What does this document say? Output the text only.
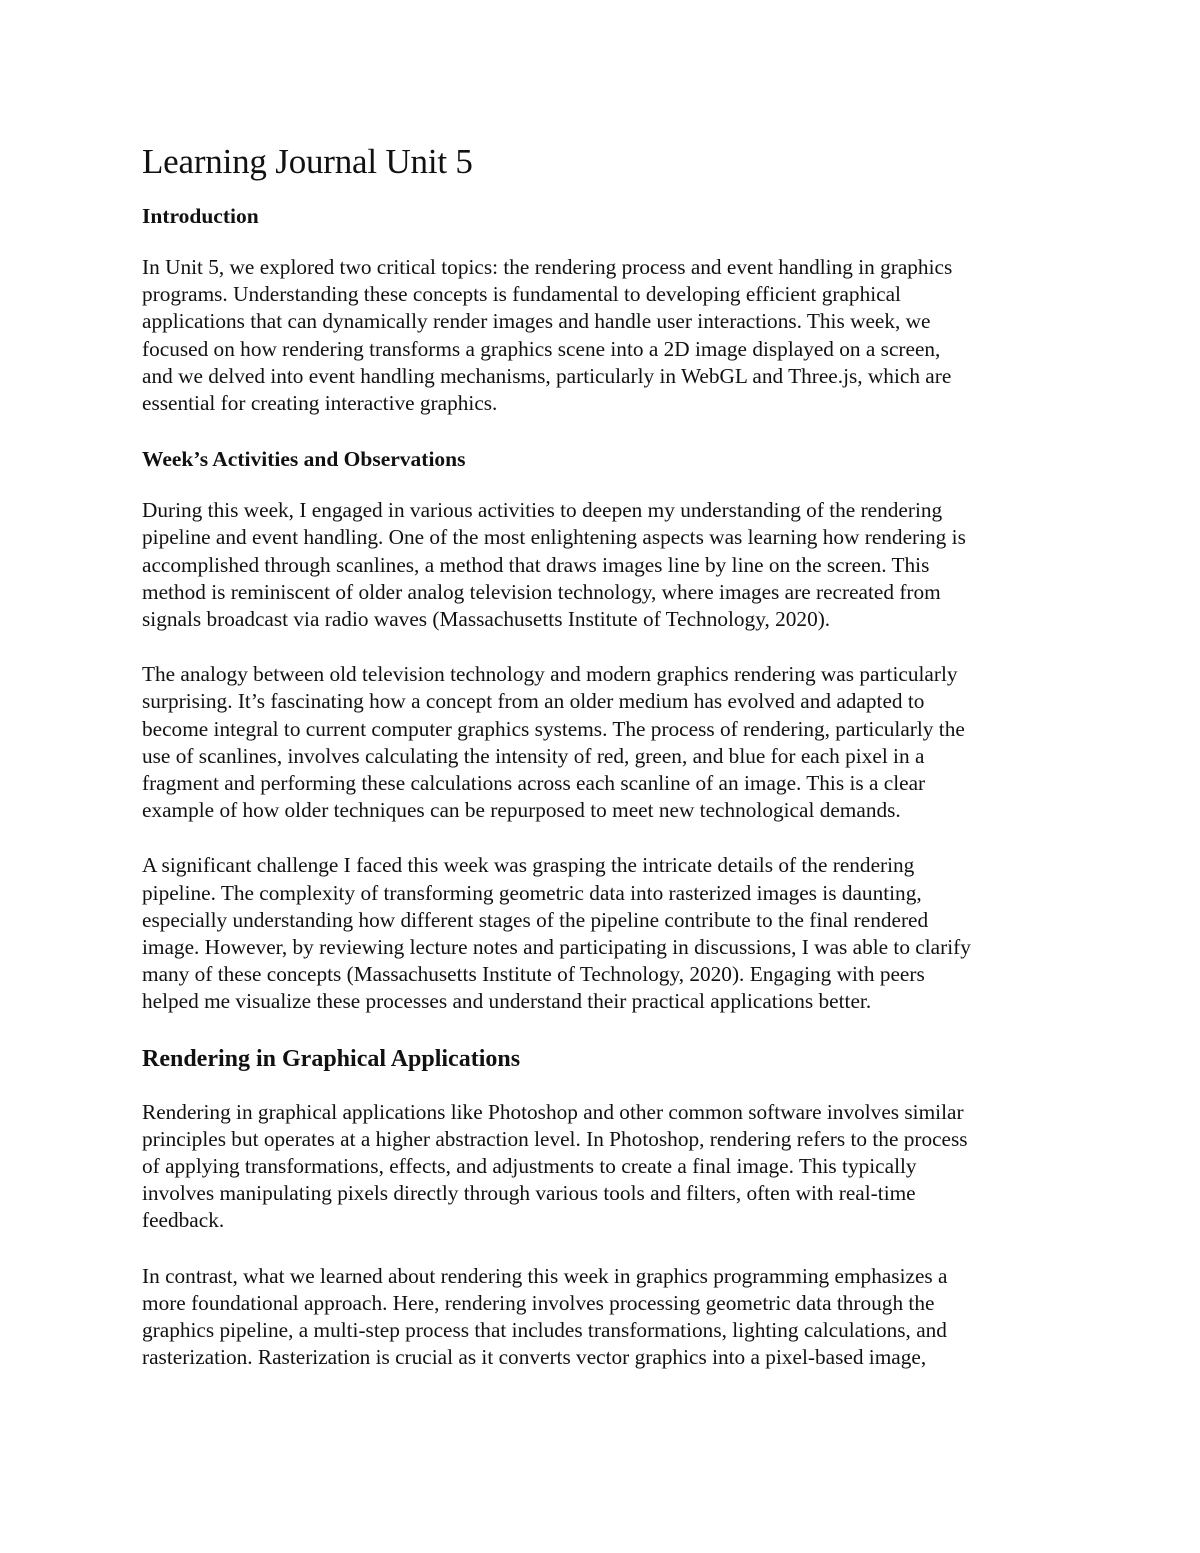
Learning Journal Unit 5
Introduction

In Unit 5, we explored two critical topics: the rendering process and event handling in graphics
programs. Understanding these concepts is fundamental to developing efficient graphical
applications that can dynamically render images and handle user interactions. This week, we
focused on how rendering transforms a graphics scene into a 2D image displayed on a screen,
and we delved into event handling mechanisms, particularly in WebGL and Three.js, which are
essential for creating interactive graphics.

Week’s Activities and Observations

During this week, I engaged in various activities to deepen my understanding of the rendering
pipeline and event handling. One of the most enlightening aspects was learning how rendering is
accomplished through scanlines, a method that draws images line by line on the screen. This
method is reminiscent of older analog television technology, where images are recreated from
signals broadcast via radio waves (Massachusetts Institute of Technology, 2020).

The analogy between old television technology and modern graphics rendering was particularly
surprising. It’s fascinating how a concept from an older medium has evolved and adapted to
become integral to current computer graphics systems. The process of rendering, particularly the
use of scanlines, involves calculating the intensity of red, green, and blue for each pixel in a
fragment and performing these calculations across each scanline of an image. This is a clear
example of how older techniques can be repurposed to meet new technological demands.

A significant challenge I faced this week was grasping the intricate details of the rendering
pipeline. The complexity of transforming geometric data into rasterized images is daunting,
especially understanding how different stages of the pipeline contribute to the final rendered
image. However, by reviewing lecture notes and participating in discussions, I was able to clarify
many of these concepts (Massachusetts Institute of Technology, 2020). Engaging with peers
helped me visualize these processes and understand their practical applications better.

Rendering in Graphical Applications

Rendering in graphical applications like Photoshop and other common software involves similar
principles but operates at a higher abstraction level. In Photoshop, rendering refers to the process
of applying transformations, effects, and adjustments to create a final image. This typically
involves manipulating pixels directly through various tools and filters, often with real-time
feedback.

In contrast, what we learned about rendering this week in graphics programming emphasizes a
more foundational approach. Here, rendering involves processing geometric data through the
graphics pipeline, a multi-step process that includes transformations, lighting calculations, and
rasterization. Rasterization is crucial as it converts vector graphics into a pixel-based image,
